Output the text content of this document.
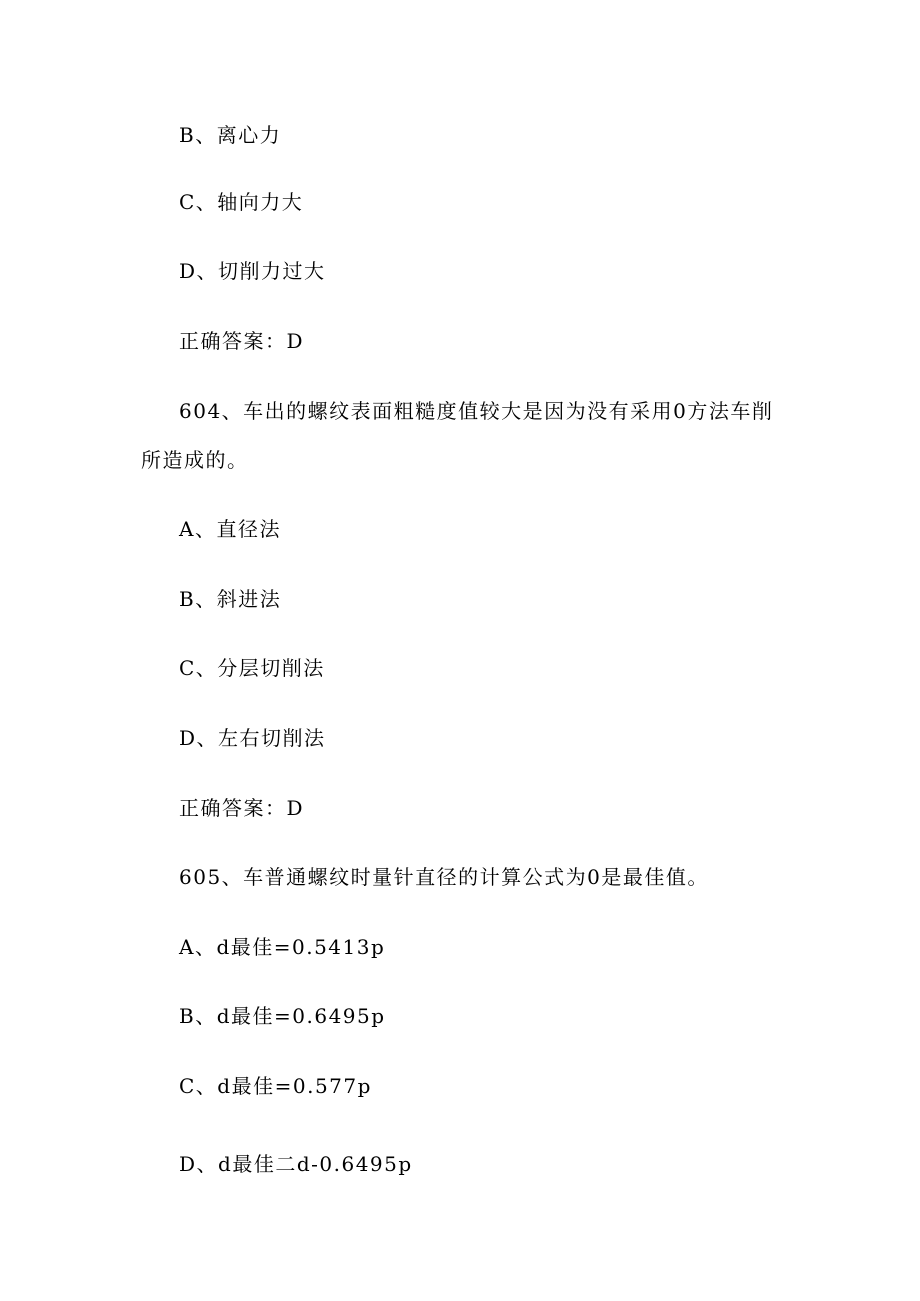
B、离心力
C、轴向力大
D、切削力过大
正确答案：D
604、车出的螺纹表面粗糙度值较大是因为没有采用0方法车削
所造成的。
A、直径法
B、斜进法
C、分层切削法
D、左右切削法
正确答案：D
605、车普通螺纹时量针直径的计算公式为0是最佳值。
A、d最佳=0.5413p
B、d最佳=0.6495p
C、d最佳=0.577p
D、d最佳二d-0.6495p
